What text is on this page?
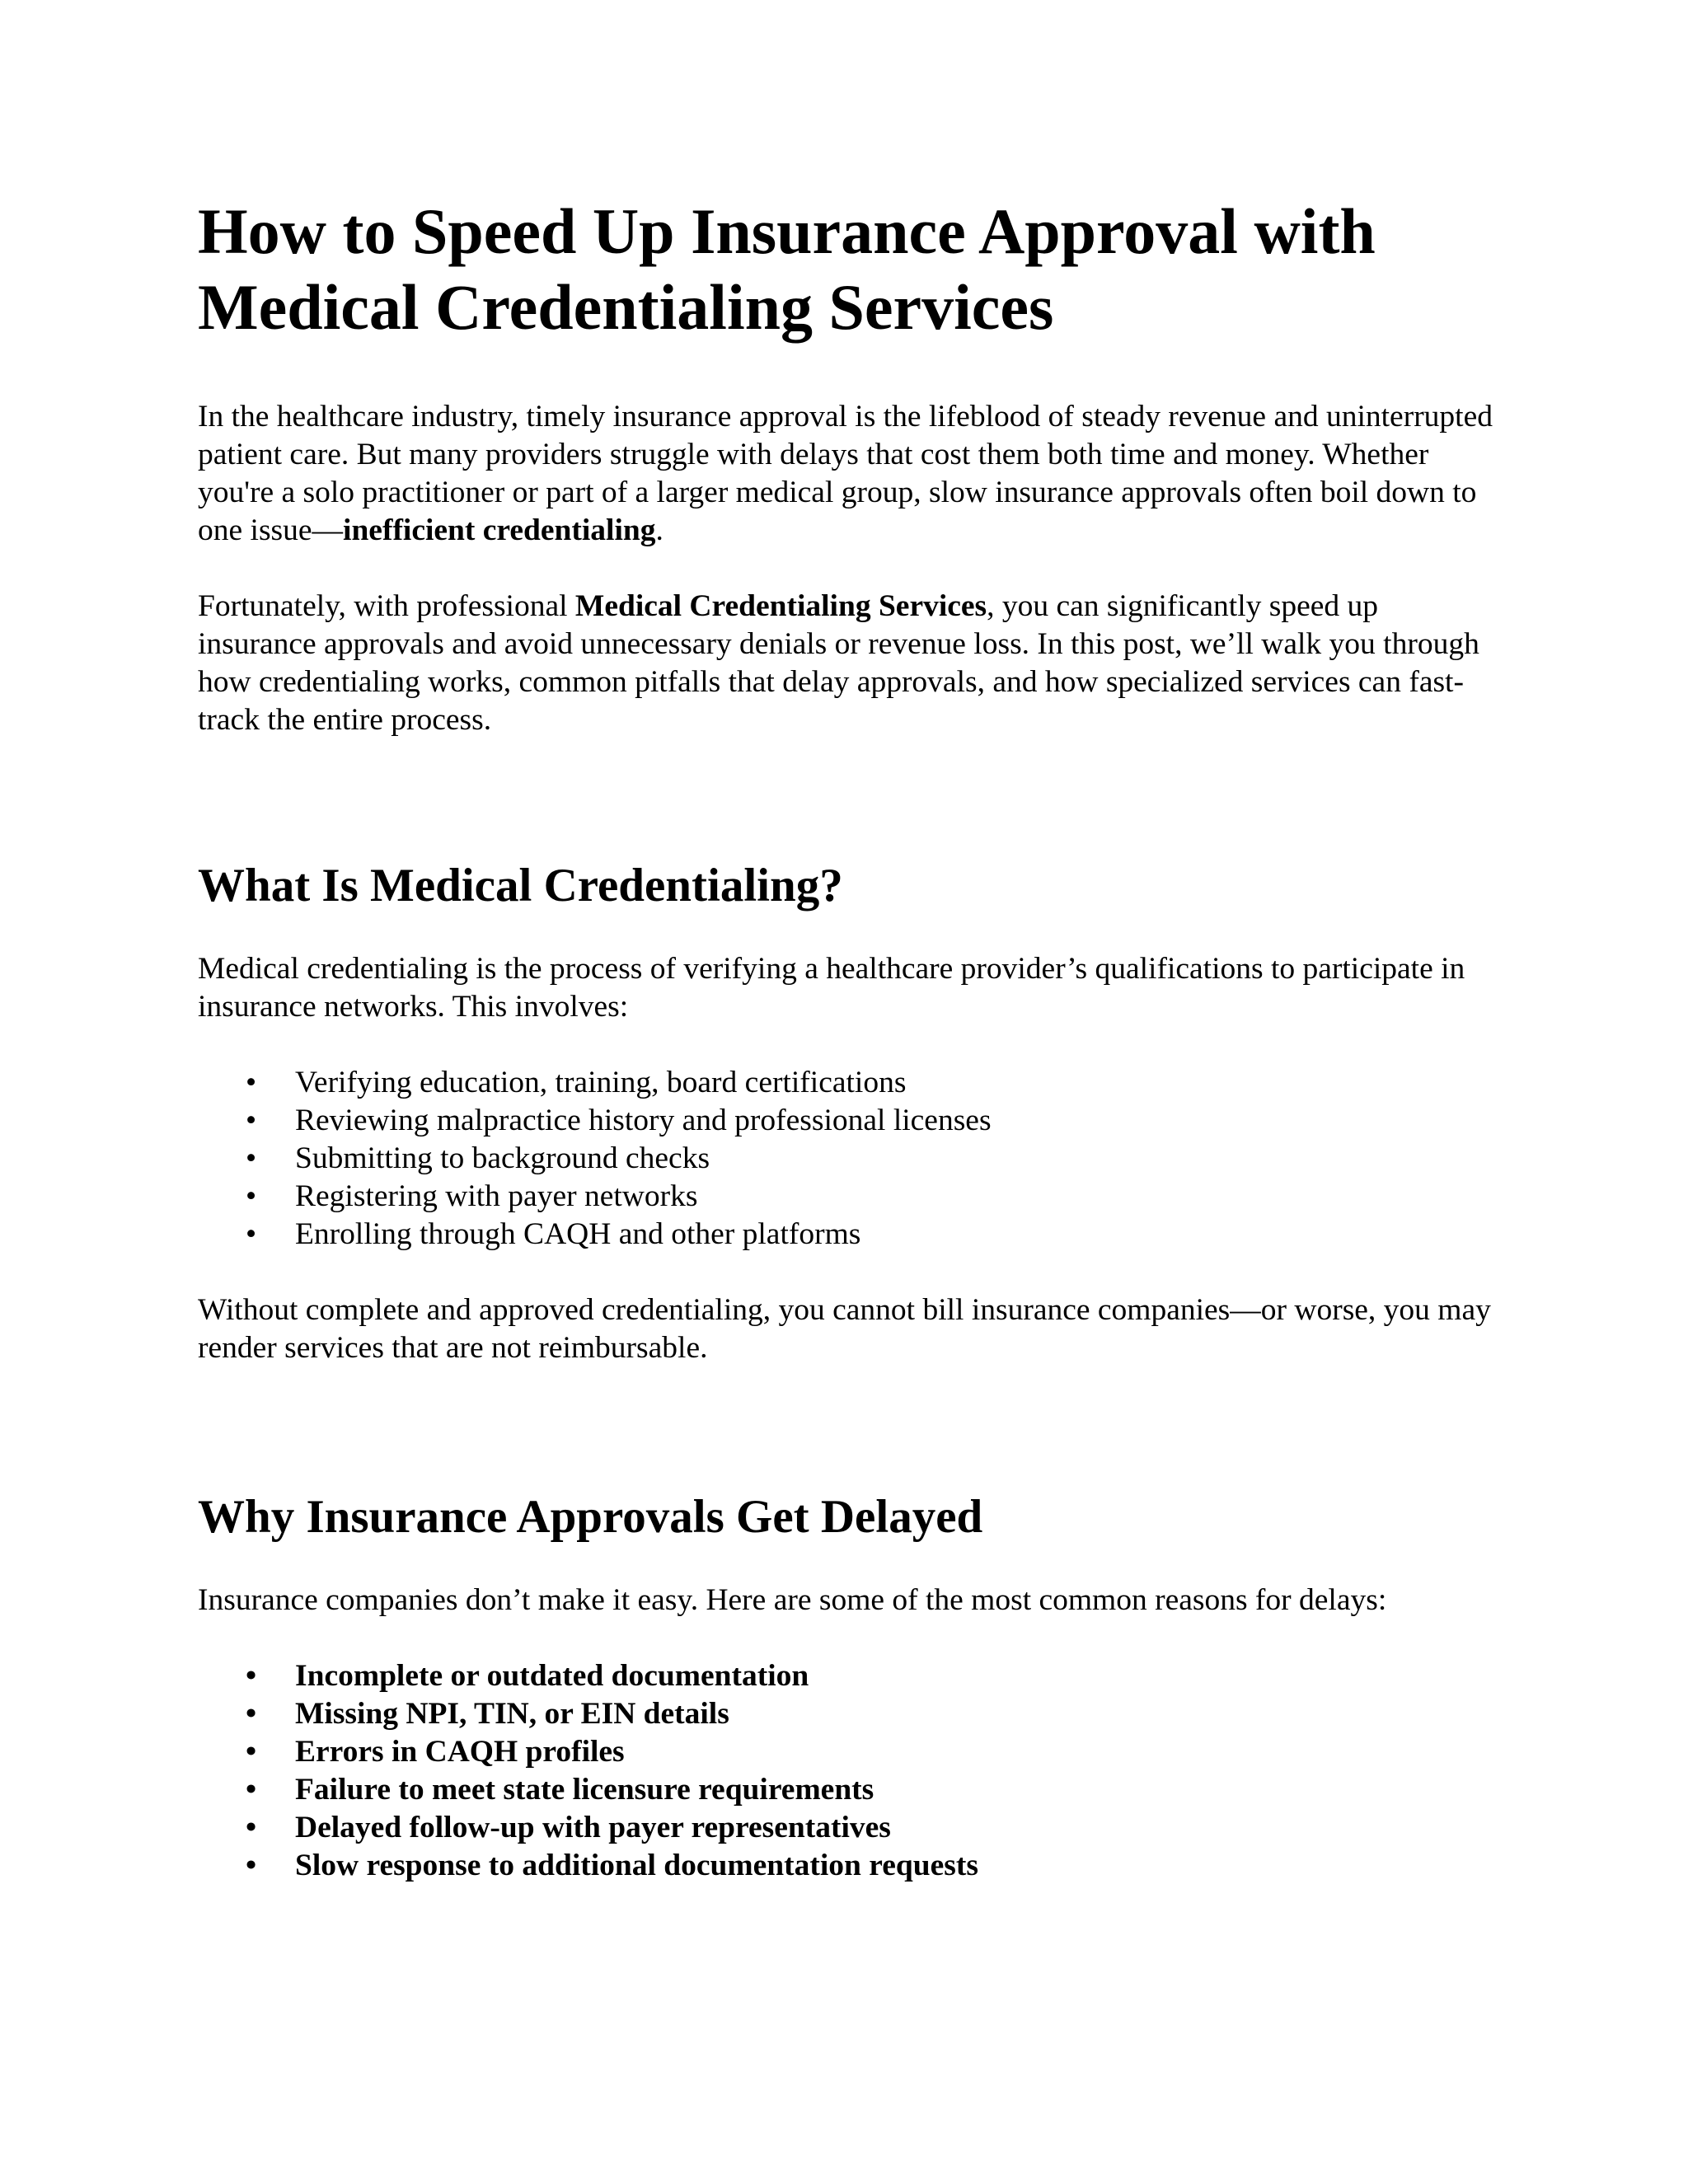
How to Speed Up Insurance Approval with Medical Credentialing Services

In the healthcare industry, timely insurance approval is the lifeblood of steady revenue and uninterrupted patient care. But many providers struggle with delays that cost them both time and money. Whether you're a solo practitioner or part of a larger medical group, slow insurance approvals often boil down to one issue—inefficient credentialing.

Fortunately, with professional Medical Credentialing Services, you can significantly speed up insurance approvals and avoid unnecessary denials or revenue loss. In this post, we’ll walk you through how credentialing works, common pitfalls that delay approvals, and how specialized services can fast-track the entire process.

What Is Medical Credentialing?

Medical credentialing is the process of verifying a healthcare provider’s qualifications to participate in insurance networks. This involves:

•	Verifying education, training, board certifications
•	Reviewing malpractice history and professional licenses
•	Submitting to background checks
•	Registering with payer networks
•	Enrolling through CAQH and other platforms

Without complete and approved credentialing, you cannot bill insurance companies—or worse, you may render services that are not reimbursable.

Why Insurance Approvals Get Delayed

Insurance companies don’t make it easy. Here are some of the most common reasons for delays:

•	Incomplete or outdated documentation
•	Missing NPI, TIN, or EIN details
•	Errors in CAQH profiles
•	Failure to meet state licensure requirements
•	Delayed follow-up with payer representatives
•	Slow response to additional documentation requests
